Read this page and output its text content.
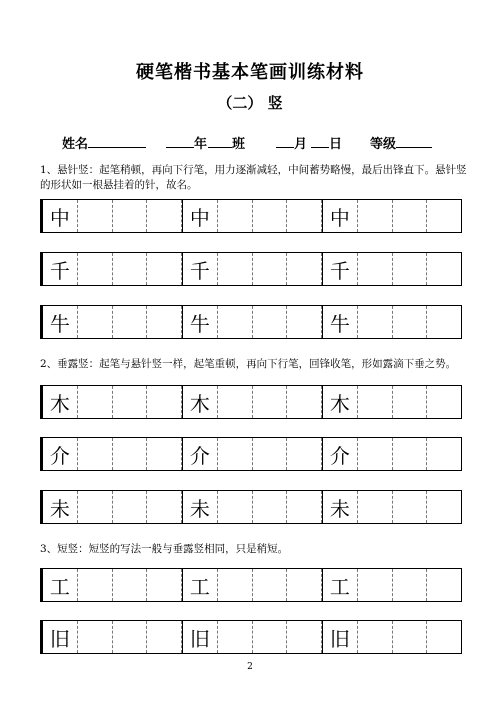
硬笔楷书基本笔画训练材料
（二） 竖
姓名	年	班	月	日 等级
1、悬针竖：起笔稍顿，再向下行笔，用力逐渐减轻，中间蓄势略慢，最后出锋直下。悬针竖的形状如一根悬挂着的针，故名。
中	中	中
千	千	千
牛	牛	牛
2、垂露竖：起笔与悬针竖一样，起笔重顿，再向下行笔，回锋收笔，形如露滴下垂之势。
木	木	木
介	介	介
未	未	未
3、短竖：短竖的写法一般与垂露竖相同，只是稍短。
工	工	工
旧	旧	旧
2
